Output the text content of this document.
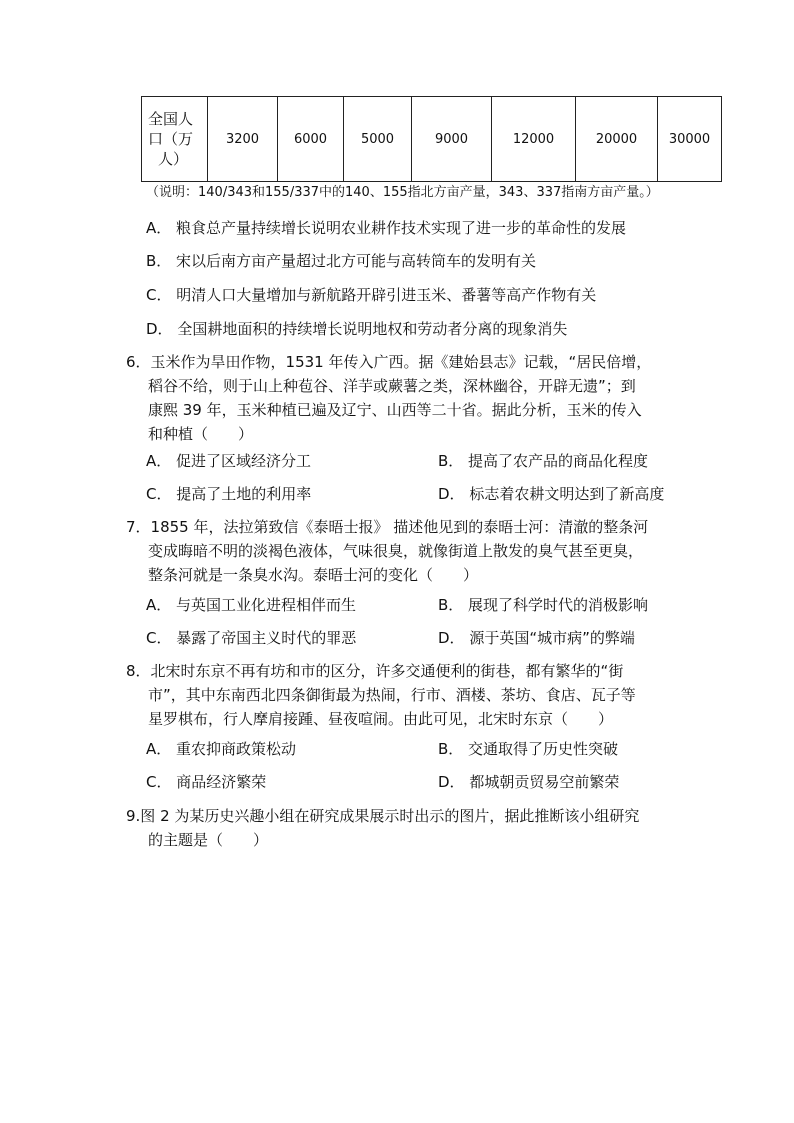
全国人
口（万
人）
	3200	6000	5000	9000	12000	20000	30000
（说明：140/343和155/337中的140、155指北方亩产量，343、337指南方亩产量。）
A． 粮食总产量持续增长说明农业耕作技术实现了进一步的革命性的发展
B． 宋以后南方亩产量超过北方可能与高转筒车的发明有关
C． 明清人口大量增加与新航路开辟引进玉米、番薯等高产作物有关
D． 全国耕地面积的持续增长说明地权和劳动者分离的现象消失
6．玉米作为旱田作物，1531 年传入广西。据《建始县志》记载，“居民倍增，
稻谷不给，则于山上种苞谷、洋芋或蕨薯之类，深林幽谷，开辟无遗”；到
康熙 39 年，玉米种植已遍及辽宁、山西等二十省。据此分析，玉米的传入
和种植（　　）
A． 促进了区域经济分工	B． 提高了农产品的商品化程度
C． 提高了土地的利用率	D． 标志着农耕文明达到了新高度
7．1855 年，法拉第致信《泰晤士报》 描述他见到的泰晤士河：清澈的整条河
变成晦暗不明的淡褐色液体，气味很臭，就像街道上散发的臭气甚至更臭，
整条河就是一条臭水沟。泰晤士河的变化（　　）
A． 与英国工业化进程相伴而生	B． 展现了科学时代的消极影响
C． 暴露了帝国主义时代的罪恶	D． 源于英国“城市病”的弊端
8．北宋时东京不再有坊和市的区分，许多交通便利的街巷，都有繁华的“街
市”，其中东南西北四条御街最为热闹，行市、酒楼、茶坊、食店、瓦子等
星罗棋布，行人摩肩接踵、昼夜喧闹。由此可见，北宋时东京（　　）
A． 重农抑商政策松动	B． 交通取得了历史性突破
C． 商品经济繁荣	D． 都城朝贡贸易空前繁荣
9.图 2 为某历史兴趣小组在研究成果展示时出示的图片，据此推断该小组研究
的主题是（　　）
